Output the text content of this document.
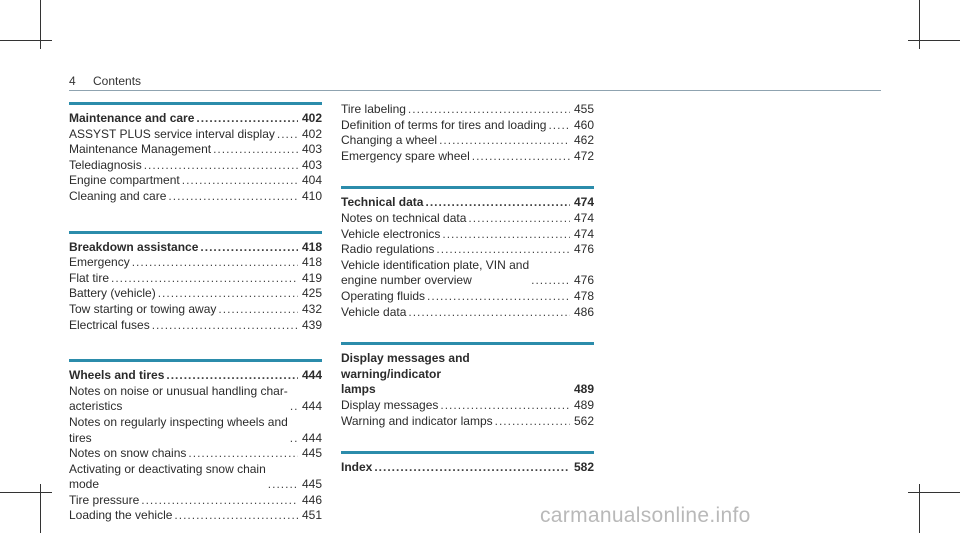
4 Contents
Maintenance and care .....	402
ASSYST PLUS service interval display ..... 402
Maintenance Management .....	403
Telediagnosis .....	403
Engine compartment .....	404
Cleaning and care .....	410
Breakdown assistance .....	418
Emergency .....	418
Flat tire .....	419
Battery (vehicle) .....	425
Tow starting or towing away .....	432
Electrical fuses .....	439
Wheels and tires .....	444
Notes on noise or unusual handling char-
acteristics .....	444
Notes on regularly inspecting wheels and
tires .....	444
Notes on snow chains .....	445
Activating or deactivating snow chain
mode .....	445
Tire pressure .....	446
Loading the vehicle .....	451
Tire labeling .....	455
Definition of terms for tires and loading ..... 460
Changing a wheel .....	462
Emergency spare wheel .....	472
Technical data .....	474
Notes on technical data .....	474
Vehicle electronics .....	474
Radio regulations .....	476
Vehicle identification plate, VIN and
engine number overview .....	476
Operating fluids .....	478
Vehicle data .....	486
Display messages and warning/indicator
lamps	489
Display messages .....	489
Warning and indicator lamps .....	562
Index .....	582
carmanualsonline.info
